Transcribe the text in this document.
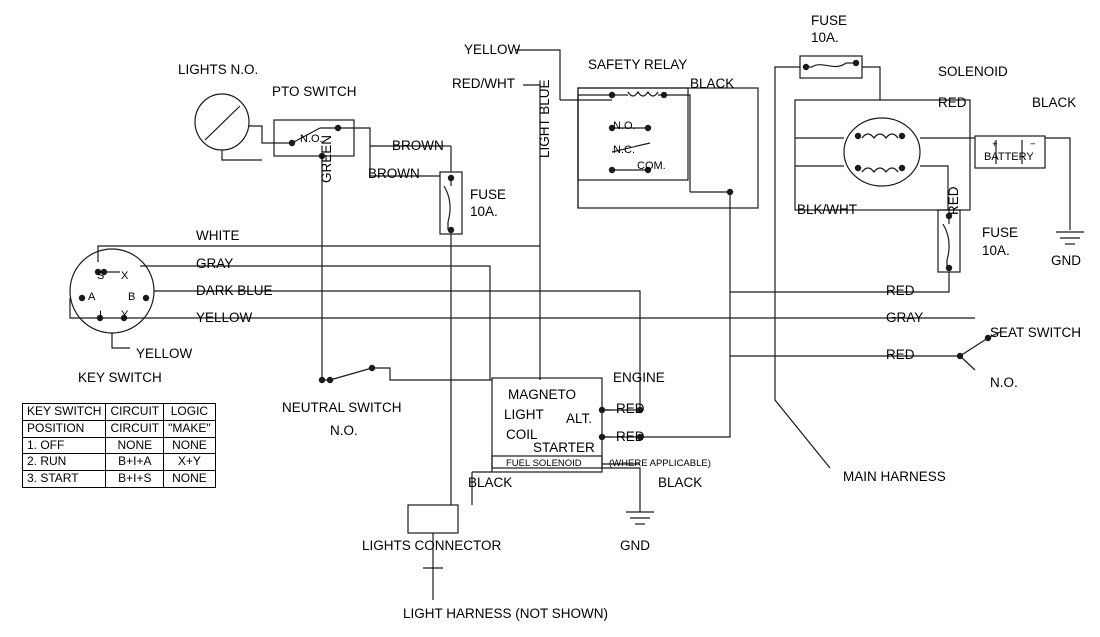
LIGHTS N.O.
PTO SWITCH
N.O.
YELLOW
RED/WHT
SAFETY RELAY
N.O.
N.C.
COM.
BLACK
FUSE
10A.
SOLENOID
RED	BLACK
+	−
BATTERY
BLK/WHT	RED
FUSE
10A.
GND
BROWN
BROWN
GREEN
FUSE
10A.
LIGHT BLUE
WHITE
GRAY
DARK BLUE
YELLOW
YELLOW
KEY SWITCH
S X
A	B
I Y
NEUTRAL SWITCH
N.O.
ENGINE
MAGNETO
LIGHT
COIL
ALT.
STARTER
FUEL SOLENOID	(WHERE APPLICABLE)
RED
RED
RED
GRAY
RED
SEAT SWITCH
N.O.
MAIN HARNESS
BLACK	BLACK
LIGHTS CONNECTOR	GND
LIGHT HARNESS (NOT SHOWN)
KEY SWITCH	CIRCUIT	LOGIC
POSITION	CIRCUIT	"MAKE"
1. OFF	NONE	NONE
2. RUN	B+I+A	X+Y
3. START	B+I+S	NONE
